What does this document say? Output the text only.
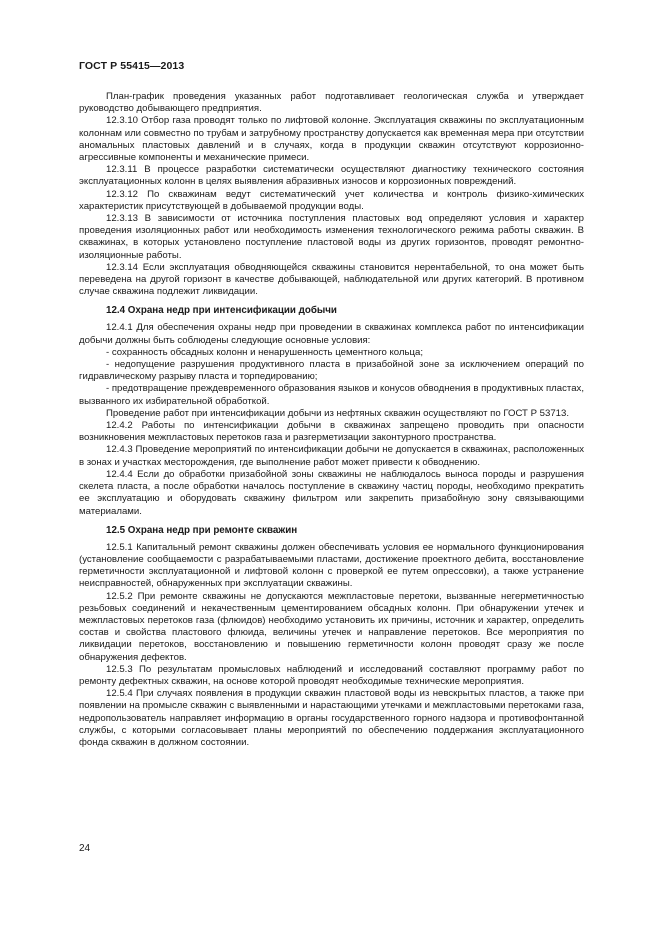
ГОСТ Р 55415—2013

План-график проведения указанных работ подготавливает геологическая служба и утверждает руководство добывающего предприятия.

12.3.10 Отбор газа проводят только по лифтовой колонне. Эксплуатация скважины по эксплуатационным колоннам или совместно по трубам и затрубному пространству допускается как временная мера при отсутствии аномальных пластовых давлений и в случаях, когда в продукции скважин отсутствуют коррозионно-агрессивные компоненты и механические примеси.

12.3.11 В процессе разработки систематически осуществляют диагностику технического состояния эксплуатационных колонн в целях выявления абразивных износов и коррозионных повреждений.

12.3.12 По скважинам ведут систематический учет количества и контроль физико-химических характеристик присутствующей в добываемой продукции воды.

12.3.13 В зависимости от источника поступления пластовых вод определяют условия и характер проведения изоляционных работ или необходимость изменения технологического режима работы скважин. В скважинах, в которых установлено поступление пластовой воды из других горизонтов, проводят ремонтно-изоляционные работы.

12.3.14 Если эксплуатация обводняющейся скважины становится нерентабельной, то она может быть переведена на другой горизонт в качестве добывающей, наблюдательной или других категорий. В противном случае скважина подлежит ликвидации.

12.4 Охрана недр при интенсификации добычи

12.4.1 Для обеспечения охраны недр при проведении в скважинах комплекса работ по интенсификации добычи должны быть соблюдены следующие основные условия:

- сохранность обсадных колонн и ненарушенность цементного кольца;

- недопущение разрушения продуктивного пласта в призабойной зоне за исключением операций по гидравлическому разрыву пласта и торпедированию;

- предотвращение преждевременного образования языков и конусов обводнения в продуктивных пластах, вызванного их избирательной обработкой.

Проведение работ при интенсификации добычи из нефтяных скважин осуществляют по ГОСТ Р 53713.

12.4.2 Работы по интенсификации добычи в скважинах запрещено проводить при опасности возникновения межпластовых перетоков газа и разгерметизации законтурного пространства.

12.4.3 Проведение мероприятий по интенсификации добычи не допускается в скважинах, расположенных в зонах и участках месторождения, где выполнение работ может привести к обводнению.

12.4.4 Если до обработки призабойной зоны скважины не наблюдалось выноса породы и разрушения скелета пласта, а после обработки началось поступление в скважину частиц породы, необходимо прекратить ее эксплуатацию и оборудовать скважину фильтром или закрепить призабойную зону связывающими материалами.

12.5 Охрана недр при ремонте скважин

12.5.1 Капитальный ремонт скважины должен обеспечивать условия ее нормального функционирования (установление сообщаемости с разрабатываемыми пластами, достижение проектного дебита, восстановление герметичности эксплуатационной и лифтовой колонн с проверкой ее путем опрессовки), а также устранение неисправностей, обнаруженных при эксплуатации скважины.

12.5.2 При ремонте скважины не допускаются межпластовые перетоки, вызванные негерметичностью резьбовых соединений и некачественным цементированием обсадных колонн. При обнаружении утечек и межпластовых перетоков газа (флюидов) необходимо установить их причины, источник и характер, определить состав и свойства пластового флюида, величины утечек и направление перетоков. Все мероприятия по ликвидации перетоков, восстановлению и повышению герметичности колонн проводят сразу же после обнаружения дефектов.

12.5.3 По результатам промысловых наблюдений и исследований составляют программу работ по ремонту дефектных скважин, на основе которой проводят необходимые технические мероприятия.

12.5.4 При случаях появления в продукции скважин пластовой воды из невскрытых пластов, а также при появлении на промысле скважин с выявленными и нарастающими утечками и межпластовыми перетоками газа, недропользователь направляет информацию в органы государственного горного надзора и противофонтанной службы, с которыми согласовывает планы мероприятий по обеспечению поддержания эксплуатационного фонда скважин в должном состоянии.

24
